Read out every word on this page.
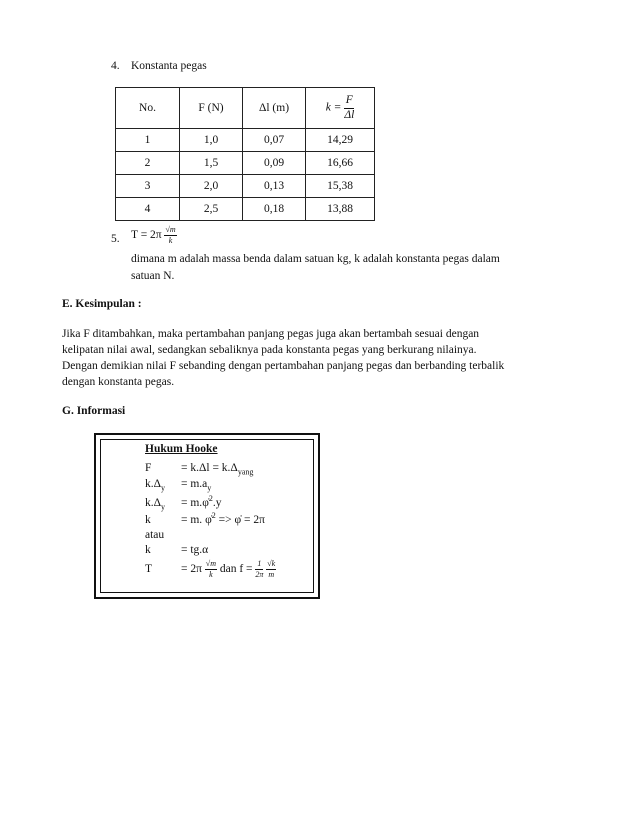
4. Konstanta pegas
No.	F (N)	Δl (m)	$k = \frac{F}{\Delta l}$

1	1,0	0,07	14,29
2	1,5	0,09	16,66
3	2,0	0,13	15,38
4	2,5	0,18	13,88
5. $T = 2\pi \frac{√m}{k}$
dimana m adalah massa benda dalam satuan kg, k adalah konstanta pegas dalam
satuan N.
E. Kesimpulan :
Jika F ditambahkan, maka pertambahan panjang pegas juga akan bertambah sesuai dengan
kelipatan nilai awal, sedangkan sebaliknya pada konstanta pegas yang berkurang nilainya.
Dengan demikian nilai F sebanding dengan pertambahan panjang pegas dan berbanding terbalik
dengan konstanta pegas.
G. Informasi
Hukum Hooke
F	= $k.\Delta l = k.\Delta_{yang}$
$k.\Delta_y = m.a_y$
$k.\Delta_y$ = m.φ̇$^2$.y
k	= m. φ̇$^2$ => φ̇ = 2π
atau
k	= tg.α
T	= $2\pi \frac{√m}{k}$ dan $f = \frac{1}{2\pi}$
$\frac{√k}{m}$
